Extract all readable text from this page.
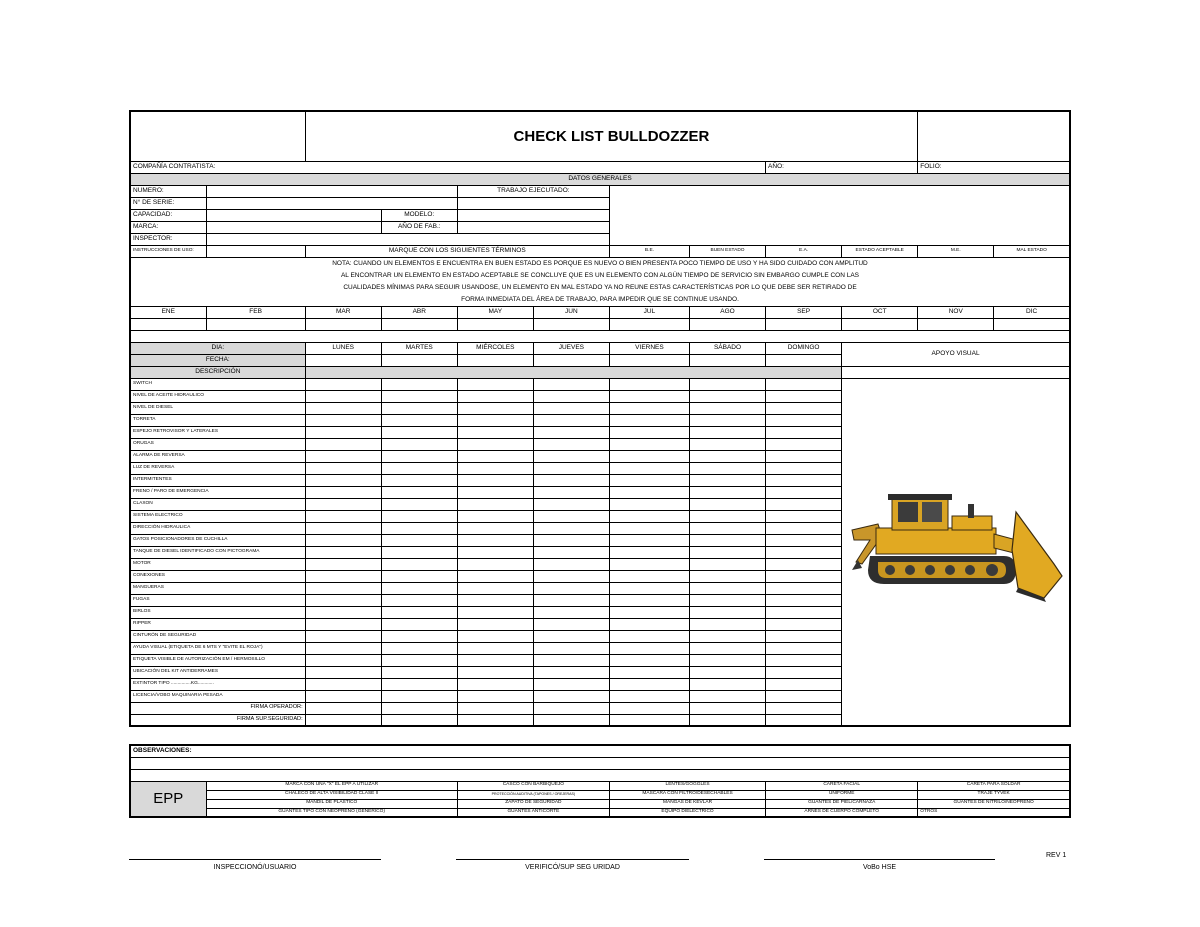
		CHECK LIST BULLDOZZER									
COMPAÑÍA CONTRATISTA:								AÑO:		FOLIO:	
DATOS GENERALES											
NUMERO:				TRABAJO EJECUTADO:							
N° DE SERIE:											
CAPACIDAD:			MODELO:								
MARCA:			AÑO DE FAB.:								
INSPECTOR:											
INSTRUCCIONES DE USO:		MARQUE CON LOS SIGUIENTES TÉRMINOS				B.E.	BUEN ESTADO	E.A.	ESTADO ACEPTABLE	M.E.	MAL ESTADO

NOTA: CUANDO UN ELEMENTOS E ENCUENTRA EN BUEN ESTADO ES PORQUE ES NUEVO O BIEN PRESENTA POCO TIEMPO DE USO Y HA SIDO CUIDADO CON AMPLITUD
AL ENCONTRAR UN ELEMENTO EN ESTADO ACEPTABLE SE CONCLUYE QUE ES UN ELEMENTO CON ALGÚN TIEMPO DE SERVICIO SIN EMBARGO CUMPLE CON LAS
CUALIDADES MÍNIMAS PARA SEGUIR USANDOSE, UN ELEMENTO EN MAL ESTADO YA NO REUNE ESTAS CARACTERÍSTICAS POR LO QUE DEBE SER RETIRADO DE
FORMA INMEDIATA DEL ÁREA DE TRABAJO, PARA IMPEDIR QUE SE CONTINUE USANDO.											

ENE	FEB	MAR	ABR	MAY	JUN	JUL	AGO	SEP	OCT	NOV	DIC

DIA:		LUNES	MARTES	MIÉRCOLES	JUEVES	VIERNES	SÁBADO	DOMINGO	APOYO VISUAL		
FECHA:											
DESCRIPCIÓN											
SWITCH											
NIVEL DE ACEITE HIDRAULICO											
NIVEL DE DIESEL											
TORRETA											
ESPEJO RETROVISOR Y LATERALES											
ORUGAS											
ALARMA DE REVERSA											
LUZ DE REVERSA											
INTERMITENTES											
FRENO / PARO DE EMERGENCIA											
CLAXON											
SISTEMA ELECTRICO											
DIRECCIÓN HIDRAULICA											
GATOS POSICIONADORES DE CUCHILLA											
TANQUE DE DIESEL IDENTIFICADO CON PICTOGRAMA											
MOTOR											
CONEXIONES											
MANGUERAS											
FUGAS											
BIRLOS											
RIPPER											
CINTURÓN DE SEGURIDAD											
AYUDA VISUAL (ETIQUETA DE 6 MTS Y "EVITE EL ROJA")											
ETIQUETA VISIBLE DE AUTORIZACIÓN EM / HERMOSILLO											
UBICACIÓN DEL KIT ANTIDERRAMES											
EXTINTOR TIPO ...............KG............											
LICENCIA/VOBO MAQUINARIA PESADA											
FIRMA OPERADOR:											
FIRMA SUP.SEGURIDAD:											
OBSERVACIONES:					

EPP	MARCA CON UNA "X" EL EPP A UTILIZAR	CASCO CON BARBIQUEJO	LENTES/GOGGLES	CARETA FACIAL	CARETA PARA SOLDAR
	CHALECO DE ALTA VISIBILIDAD CLASE II	PROTECCIÓN AUDITIVA (TAPONES / OREJERAS)	MASCARA CON FILTRO/DESECHABLES	UNIFORME	TRAJE TYVEK
	MANDIL DE PLASTICO	ZAPATO DE SEGURIDAD	MANGAS DE KEVLAR	GUANTES DE PIEL/CARNAZA	GUANTES DE NITRILO/NEOPRENO
	GUANTES TIPO CON NEOPRENO (GENERICO)	GUANTES ANTICORTE	EQUIPO DIELECTRICO	ARNES DE CUERPO COMPLETO	OTROS
INSPECCIONÓ/USUARIO	VERIFICÓ/SUP SEG URIDAD	VoBo HSE
REV 1
